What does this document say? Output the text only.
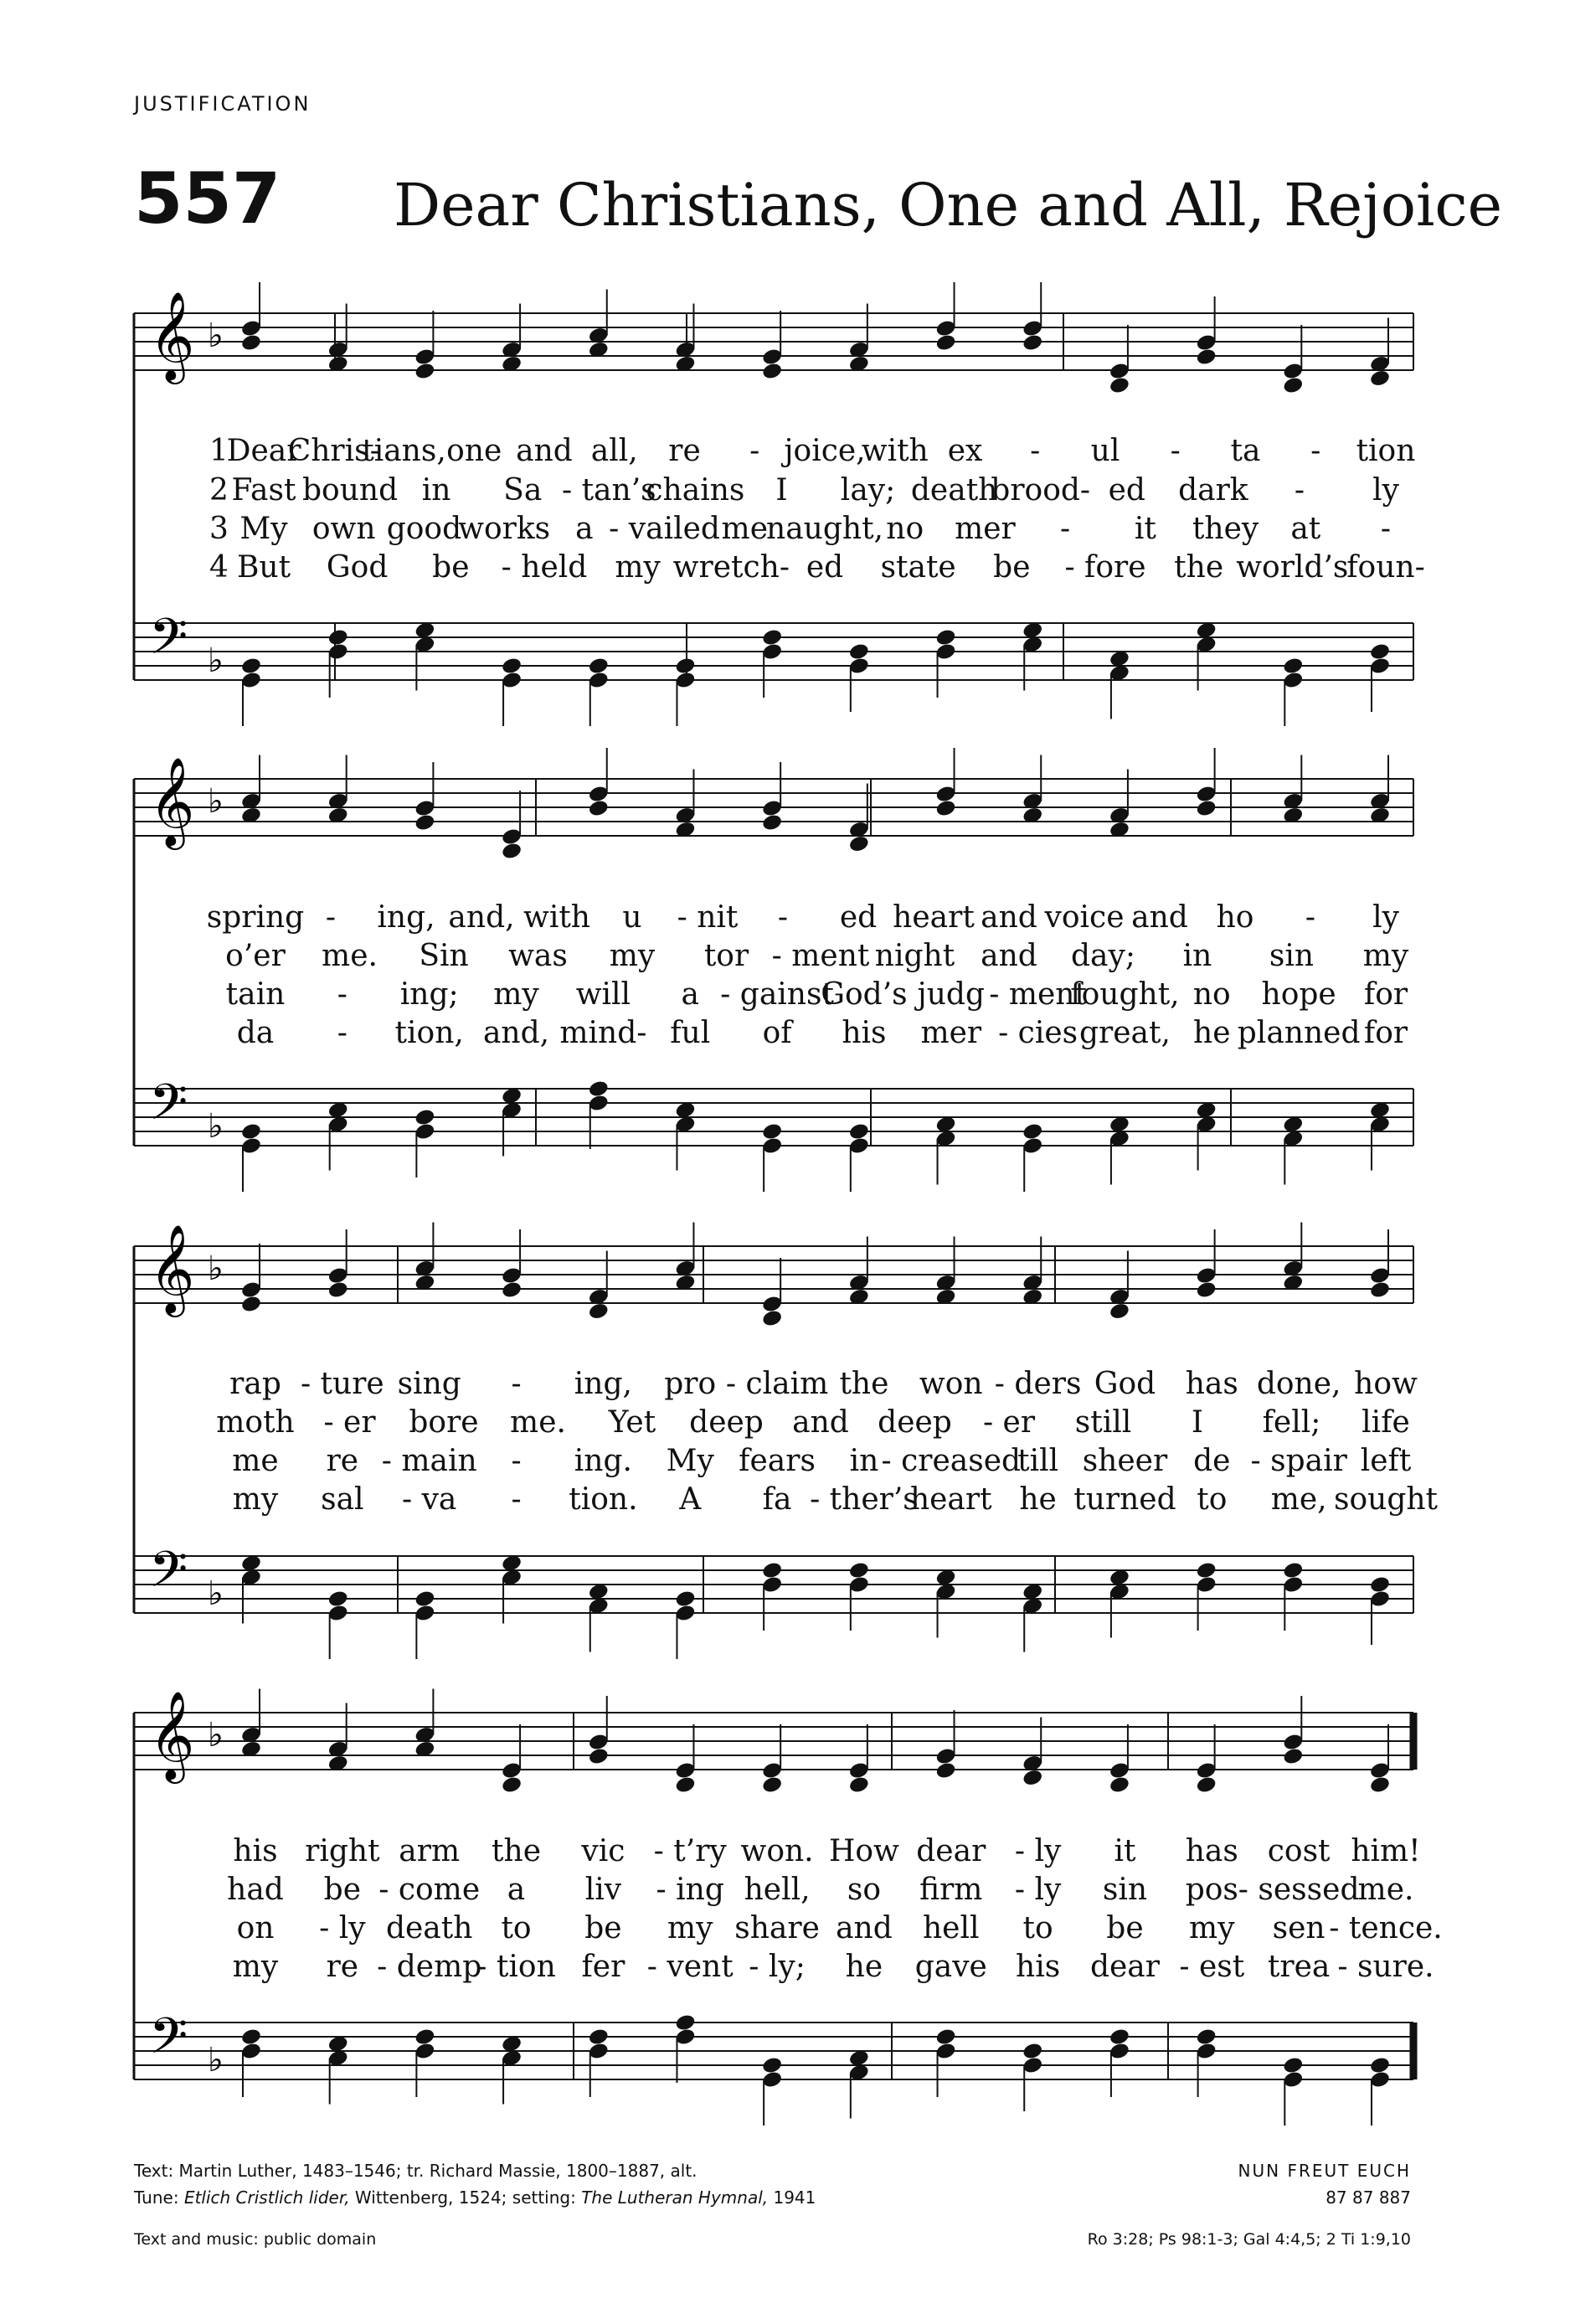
JUSTIFICATION
557 Dear Christians, One and All, Rejoice
𝄞 ♭
𝄢 ♭
𝄞 ♭
𝄢 ♭
𝄞 ♭
𝄢 ♭
𝄞 ♭
𝄢 ♭
1
Dear
Chris-
tians, one and all, re - joice,
with ex - ul - ta - tion
2 Fast bound in Sa - tan’s
chains I lay; death
brood- ed dark - ly
3 My own good
works a - vailed me
naught, no mer - it they at -
4 But God be - held my wretch- ed state be - fore the world’s
foun-
spring - ing, and, with u - nit - ed heart and voice and ho - ly
o’er me. Sin was my tor - ment night and day; in sin my
tain - ing; my will a - gainst
God’s judg - ment
fought, no hope for
da - tion, and, mind- ful of his mer - cies great, he planned for
rap - ture sing - ing, pro - claim the won - ders God has done, how
moth - er bore me. Yet deep and deep - er still I fell; life
me re - main - ing. My fears in - creased
till sheer de - spair left
my sal - va - tion. A fa - ther’s
heart he turned to me, sought
his right arm the vic - t’ry won. How dear - ly it has cost him!
had be - come a liv - ing hell, so firm - ly sin pos - sessed
me.
on - ly death to be my share and hell to be my sen - tence.
my re - demp
- tion fer - vent - ly; he gave his dear - est trea - sure.
Text: Martin Luther, 1483–1546; tr. Richard Massie, 1800–1887, alt.
Tune: Etlich Cristlich lider, Wittenberg, 1524; setting: The Lutheran Hymnal, 1941
NUN FREUT EUCH
87 87 887
Text and music: public domain	Ro 3:28; Ps 98:1-3; Gal 4:4,5; 2 Ti 1:9,10
